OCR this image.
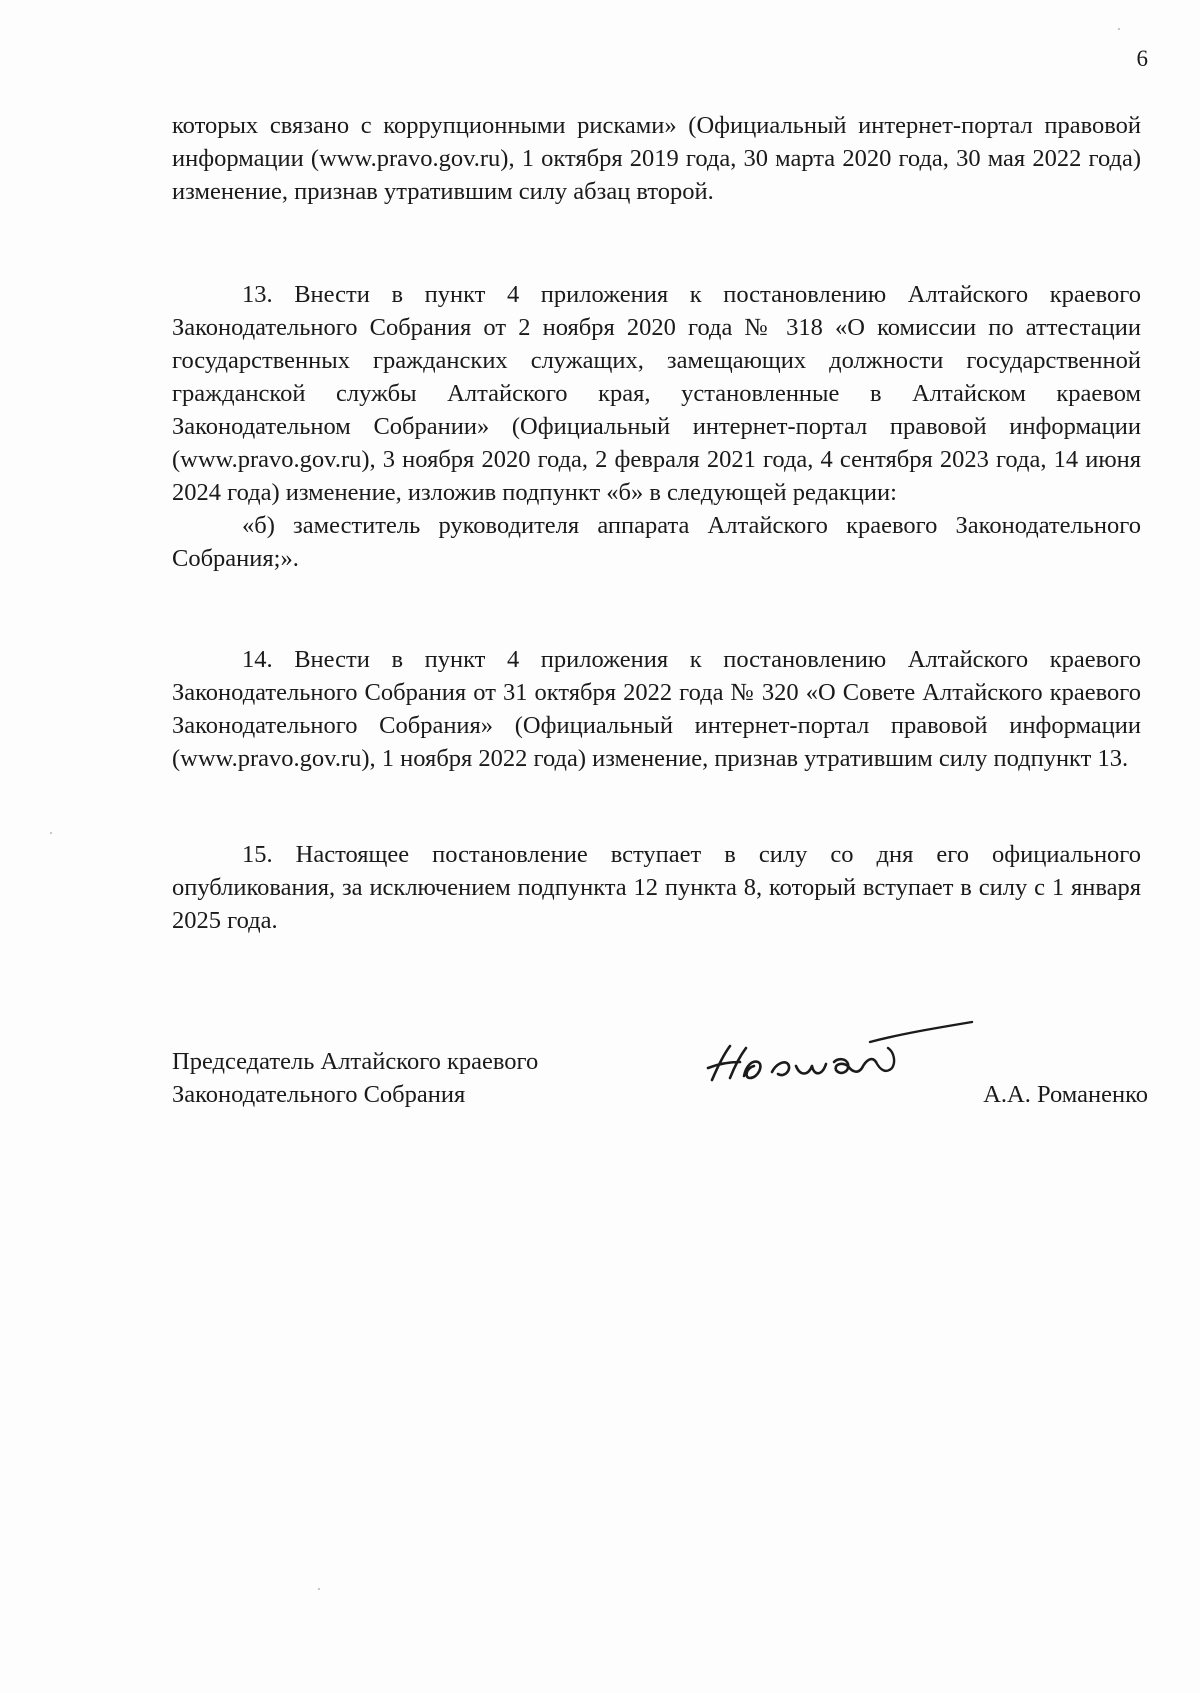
6

которых связано с коррупционными рисками» (Официальный интернет-портал правовой информации (www.pravo.gov.ru), 1 октября 2019 года, 30 марта 2020 года, 30 мая 2022 года) изменение, признав утратившим силу абзац второй.

13. Внести в пункт 4 приложения к постановлению Алтайского краевого Законодательного Собрания от 2 ноября 2020 года № 318 «О комиссии по аттестации государственных гражданских служащих, замещающих должности государственной гражданской службы Алтайского края, установленные в Алтайском краевом Законодательном Собрании» (Официальный интернет-портал правовой информации (www.pravo.gov.ru), 3 ноября 2020 года, 2 февраля 2021 года, 4 сентября 2023 года, 14 июня 2024 года) изменение, изложив подпункт «б» в следующей редакции:

«б) заместитель руководителя аппарата Алтайского краевого Законодательного Собрания;».

14. Внести в пункт 4 приложения к постановлению Алтайского краевого Законодательного Собрания от 31 октября 2022 года № 320 «О Совете Алтайского краевого Законодательного Собрания» (Официальный интернет-портал правовой информации (www.pravo.gov.ru), 1 ноября 2022 года) изменение, признав утратившим силу подпункт 13.

15. Настоящее постановление вступает в силу со дня его официального опубликования, за исключением подпункта 12 пункта 8, который вступает в силу с 1 января 2025 года.

Председатель Алтайского краевого
Законодательного Собрания	А.А. Романенко
